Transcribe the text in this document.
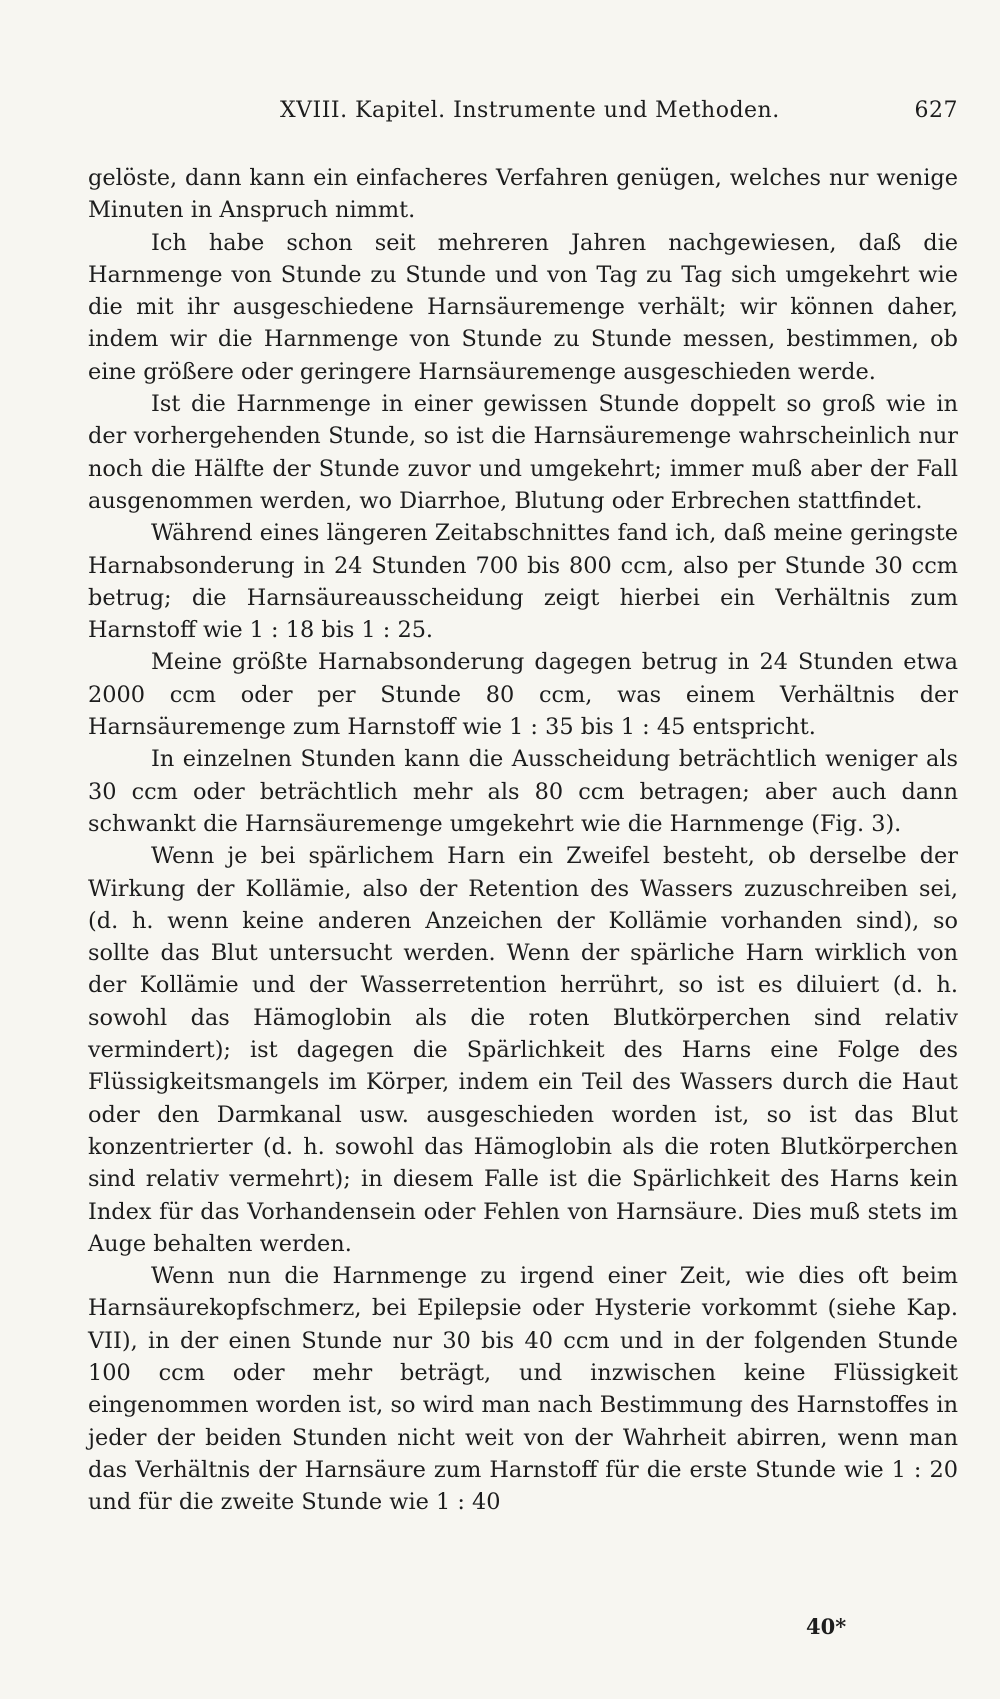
XVIII. Kapitel. Instrumente und Methoden.	627

gelöste, dann kann ein einfacheres Verfahren genügen, welches nur wenige Minuten in Anspruch nimmt.

Ich habe schon seit mehreren Jahren nachgewiesen, daß die Harnmenge von Stunde zu Stunde und von Tag zu Tag sich umgekehrt wie die mit ihr ausgeschiedene Harnsäuremenge verhält; wir können daher, indem wir die Harnmenge von Stunde zu Stunde messen, bestimmen, ob eine größere oder geringere Harnsäuremenge ausgeschieden werde.

Ist die Harnmenge in einer gewissen Stunde doppelt so groß wie in der vorhergehenden Stunde, so ist die Harnsäuremenge wahrscheinlich nur noch die Hälfte der Stunde zuvor und umgekehrt; immer muß aber der Fall ausgenommen werden, wo Diarrhoe, Blutung oder Erbrechen stattfindet.

Während eines längeren Zeitabschnittes fand ich, daß meine geringste Harnabsonderung in 24 Stunden 700 bis 800 ccm, also per Stunde 30 ccm betrug; die Harnsäureausscheidung zeigt hierbei ein Verhältnis zum Harnstoff wie 1 : 18 bis 1 : 25.

Meine größte Harnabsonderung dagegen betrug in 24 Stunden etwa 2000 ccm oder per Stunde 80 ccm, was einem Verhältnis der Harnsäuremenge zum Harnstoff wie 1 : 35 bis 1 : 45 entspricht.

In einzelnen Stunden kann die Ausscheidung beträchtlich weniger als 30 ccm oder beträchtlich mehr als 80 ccm betragen; aber auch dann schwankt die Harnsäuremenge umgekehrt wie die Harnmenge (Fig. 3).

Wenn je bei spärlichem Harn ein Zweifel besteht, ob derselbe der Wirkung der Kollämie, also der Retention des Wassers zuzuschreiben sei, (d. h. wenn keine anderen Anzeichen der Kollämie vorhanden sind), so sollte das Blut untersucht werden. Wenn der spärliche Harn wirklich von der Kollämie und der Wasserretention herrührt, so ist es diluiert (d. h. sowohl das Hämoglobin als die roten Blutkörperchen sind relativ vermindert); ist dagegen die Spärlichkeit des Harns eine Folge des Flüssigkeitsmangels im Körper, indem ein Teil des Wassers durch die Haut oder den Darmkanal usw. ausgeschieden worden ist, so ist das Blut konzentrierter (d. h. sowohl das Hämoglobin als die roten Blutkörperchen sind relativ vermehrt); in diesem Falle ist die Spärlichkeit des Harns kein Index für das Vorhandensein oder Fehlen von Harnsäure. Dies muß stets im Auge behalten werden.

Wenn nun die Harnmenge zu irgend einer Zeit, wie dies oft beim Harnsäurekopfschmerz, bei Epilepsie oder Hysterie vorkommt (siehe Kap. VII), in der einen Stunde nur 30 bis 40 ccm und in der folgenden Stunde 100 ccm oder mehr beträgt, und inzwischen keine Flüssigkeit eingenommen worden ist, so wird man nach Bestimmung des Harnstoffes in jeder der beiden Stunden nicht weit von der Wahrheit abirren, wenn man das Verhältnis der Harnsäure zum Harnstoff für die erste Stunde wie 1 : 20 und für die zweite Stunde wie 1 : 40

40*
